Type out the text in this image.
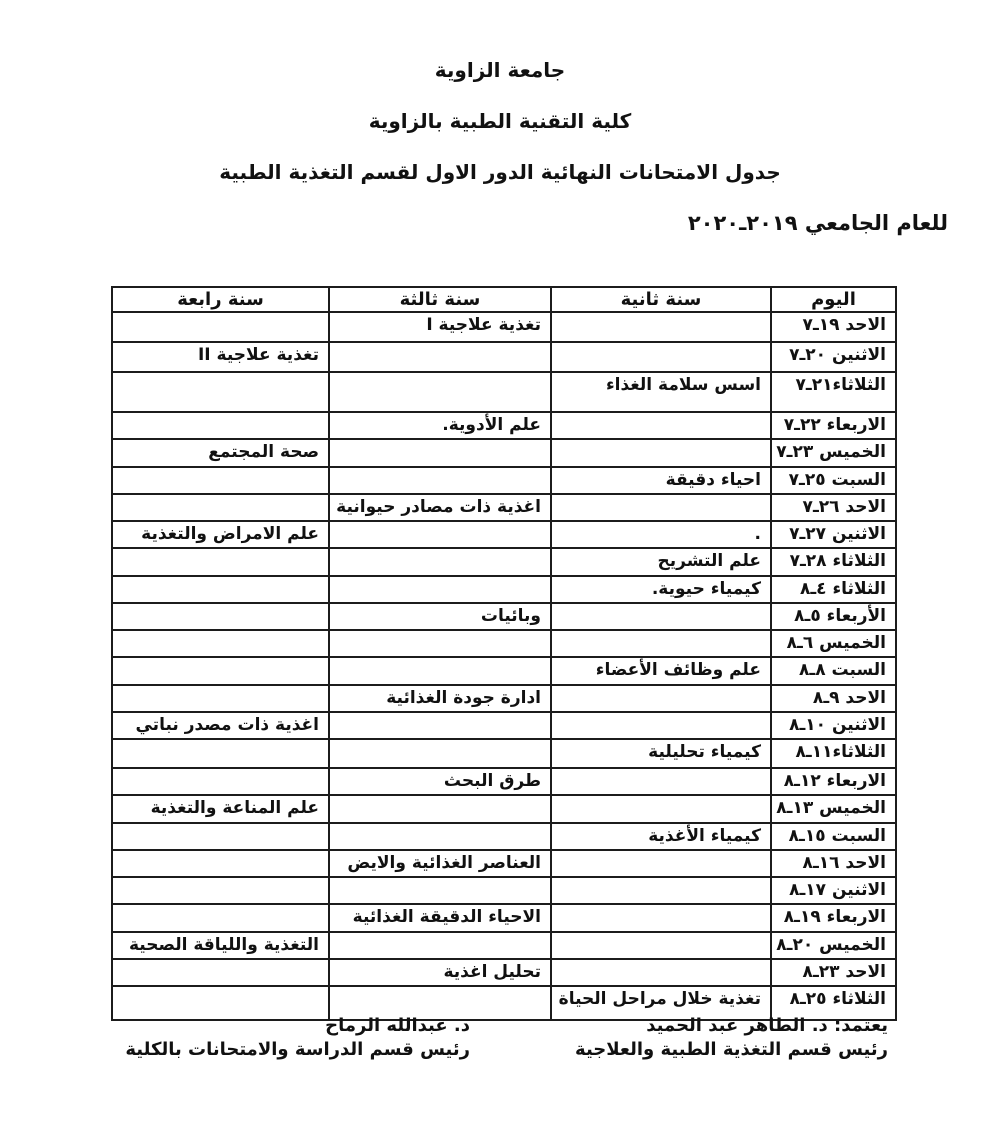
جامعة الزاوية
كلية التقنية الطبية بالزاوية
جدول الامتحانات النهائية الدور الاول لقسم التغذية الطبية
للعام الجامعي ٢٠١٩ـ٢٠٢٠
اليوم	سنة ثانية	سنة ثالثة	سنة رابعة
الاحد ١٩ـ٧		تغذية علاجية I	
الاثنين ٢٠ـ٧			تغذية علاجية II
الثلاثاء٢١ـ٧	اسس سلامة الغذاء		
الاربعاء ٢٢ـ٧		علم الأدوية.	
الخميس ٢٣ـ٧			صحة المجتمع
السبت ٢٥ـ٧	احياء دقيقة		
الاحد ٢٦ـ٧		اغذية ذات مصادر حيوانية	
الاثنين ٢٧ـ٧	.		علم الامراض والتغذية
الثلاثاء ٢٨ـ٧	علم التشريح		
الثلاثاء ٤ـ٨	كيمياء حيوية.		
الأربعاء ٥ـ٨		وبائيات	
الخميس ٦ـ٨			
السبت ٨ـ٨	علم وظائف الأعضاء		
الاحد ٩ـ٨		ادارة جودة الغذائية	
الاثنين ١٠ـ٨			اغذية ذات مصدر نباتي
الثلاثاء١١ـ٨	كيمياء تحليلية		
الاربعاء ١٢ـ٨		طرق البحث	
الخميس ١٣ـ٨			علم المناعة والتغذية
السبت ١٥ـ٨	كيمياء الأغذية		
الاحد ١٦ـ٨		العناصر الغذائية والايض	
الاثنين ١٧ـ٨			
الاربعاء ١٩ـ٨		الاحياء الدقيقة الغذائية	
الخميس ٢٠ـ٨			التغذية واللياقة الصحية
الاحد ٢٣ـ٨		تحليل اغذية	
الثلاثاء ٢٥ـ٨	تغذية خلال مراحل الحياة		
يعتمد: د. الطاهر عبد الحميد
رئيس قسم التغذية الطبية والعلاجية
د. عبدالله الرماح
رئيس قسم الدراسة والامتحانات بالكلية
